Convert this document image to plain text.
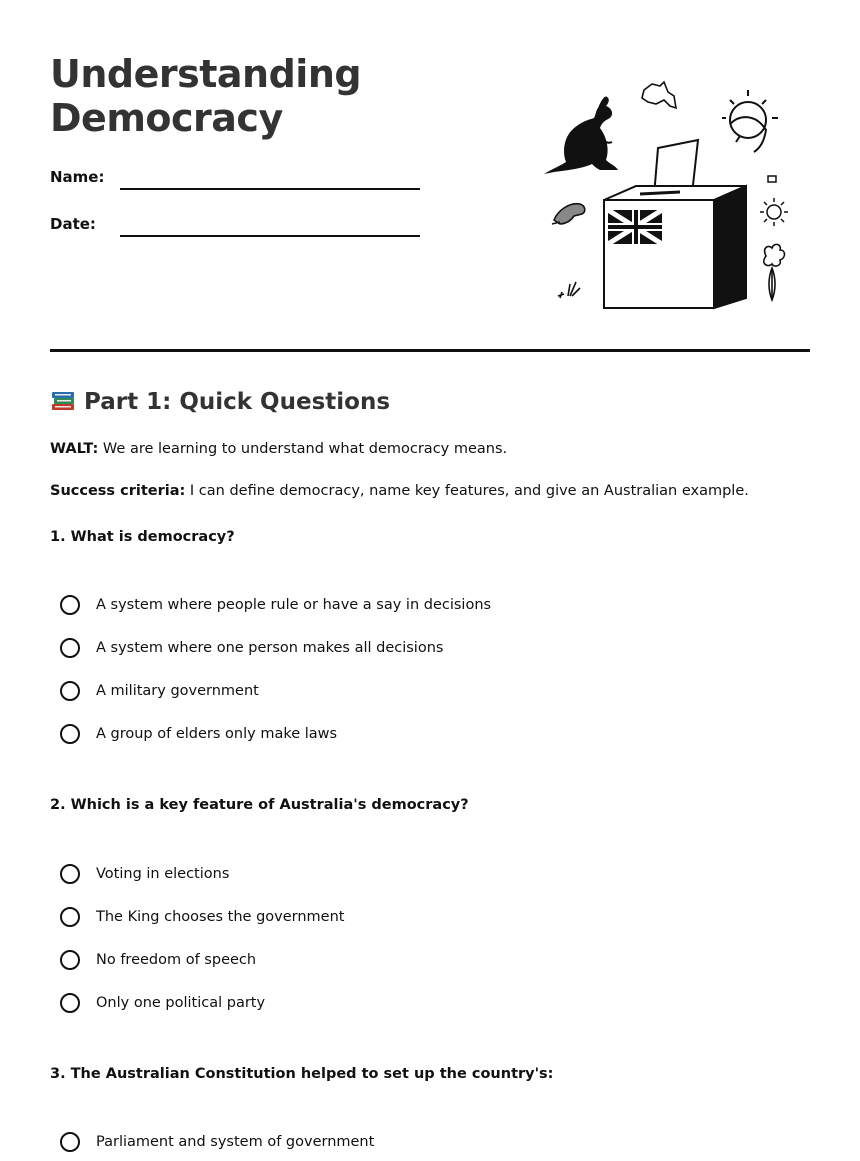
Understanding
Democracy
Name:
Date:
Part 1: Quick Questions

WALT: We are learning to understand what democracy means.

Success criteria: I can define democracy, name key features, and give an Australian example.

1. What is democracy?

A system where people rule or have a say in decisions
A system where one person makes all decisions
A military government
A group of elders only make laws

2. Which is a key feature of Australia's democracy?

Voting in elections
The King chooses the government
No freedom of speech
Only one political party

3. The Australian Constitution helped to set up the country's:

Parliament and system of government
